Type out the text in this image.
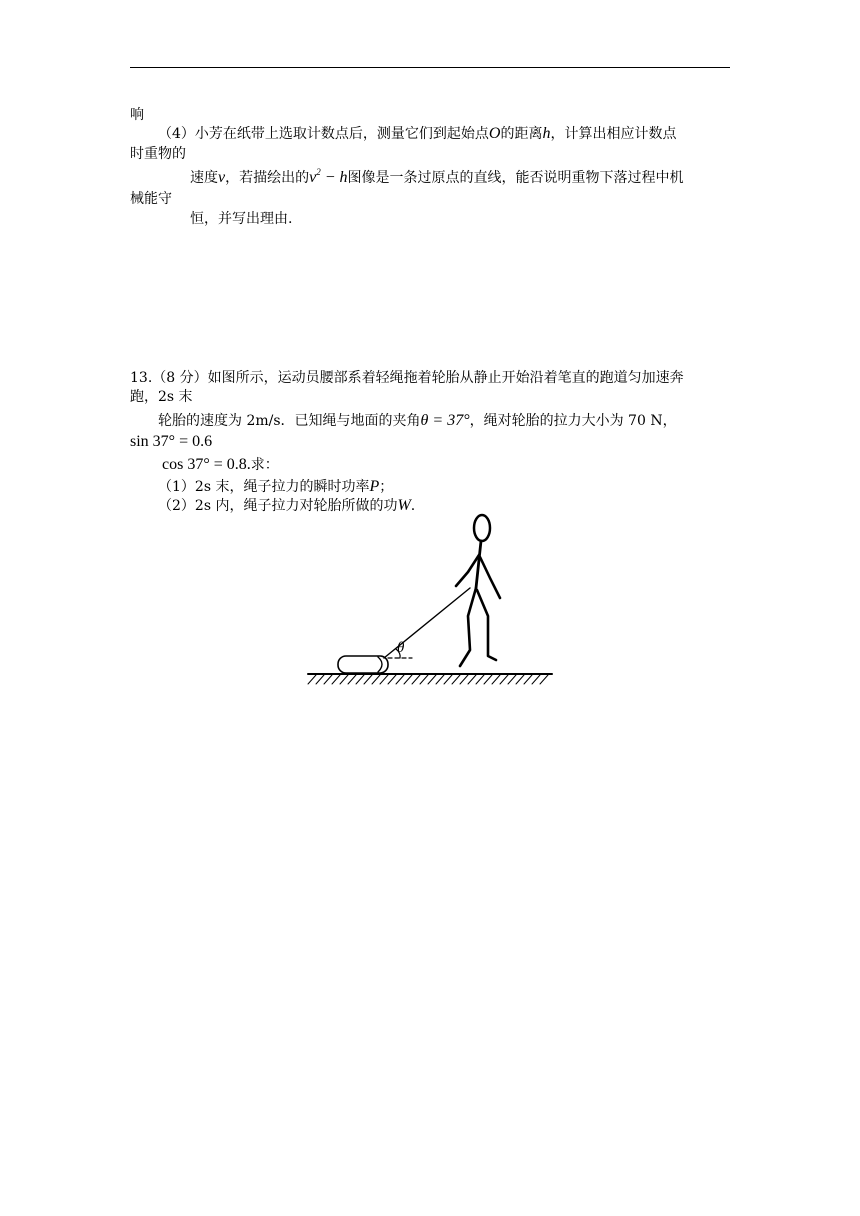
响
（4）小芳在纸带上选取计数点后，测量它们到起始点O的距离h，计算出相应计数点
时重物的
速度v，若描绘出的$v^2 - h$图像是一条过原点的直线，能否说明重物下落过程中机
械能守
恒，并写出理由.
13.（8 分）如图所示，运动员腰部系着轻绳拖着轮胎从静止开始沿着笔直的跑道匀加速奔
跑，2s 末
轮胎的速度为 2m/s．已知绳与地面的夹角θ = 37°，绳对轮胎的拉力大小为 70 N，
sin 37° = 0.6
cos 37° = 0.8.求：
（1）2s 末，绳子拉力的瞬时功率P；
（2）2s 内，绳子拉力对轮胎所做的功W.
θ
